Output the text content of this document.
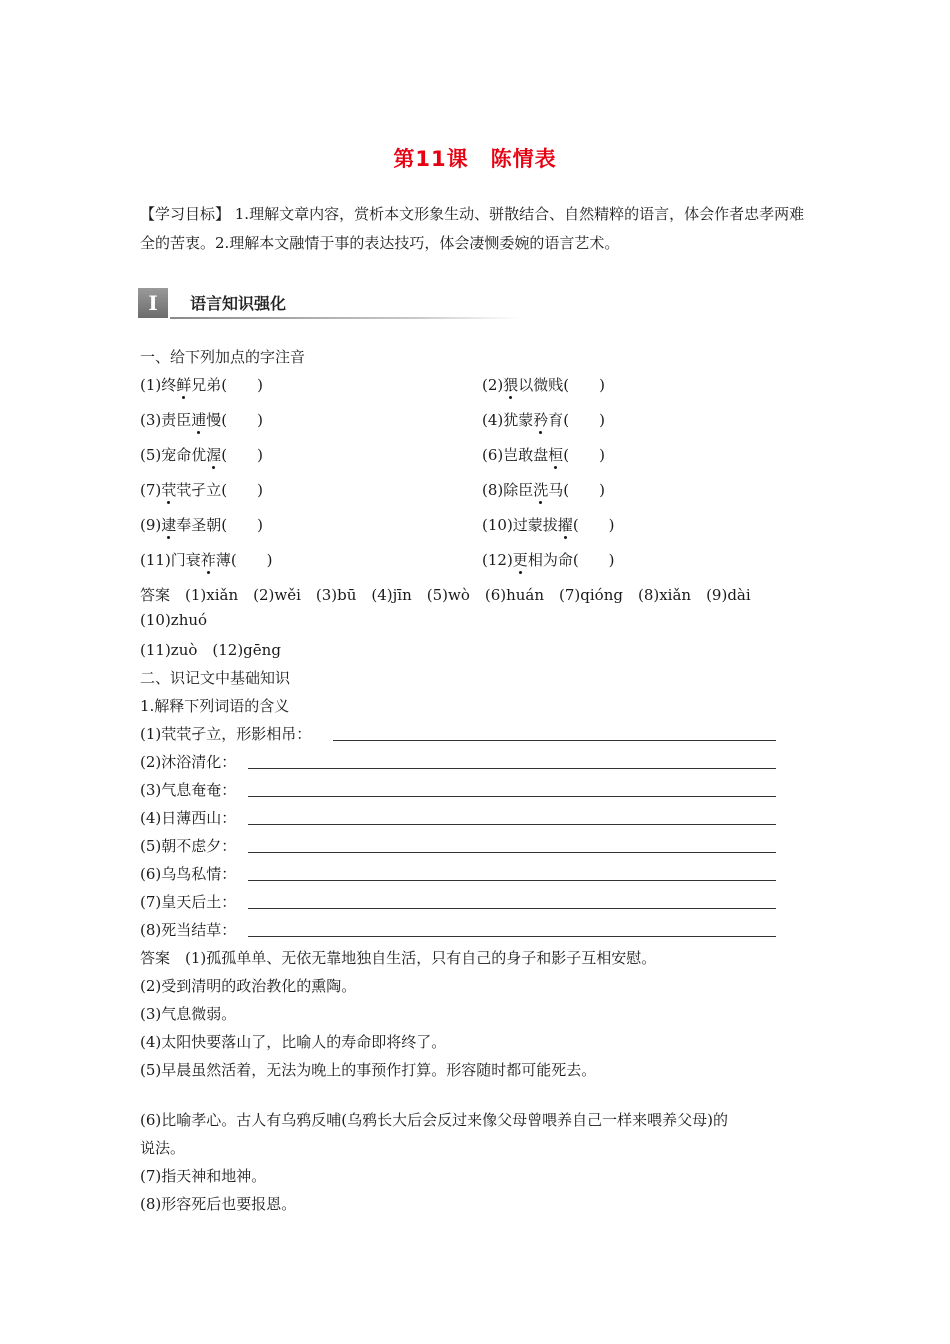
第11课　陈情表
【学习目标】 1.理解文章内容，赏析本文形象生动、骈散结合、自然精粹的语言，体会作者忠孝两难全的苦衷。2.理解本文融情于事的表达技巧，体会凄恻委婉的语言艺术。
I	语言知识强化
一、给下列加点的字注音
(1)终鲜兄弟(　　)	(2)猥以微贱(　　)
(3)责臣逋慢(　　)	(4)犹蒙矜育(　　)
(5)宠命优渥(　　)	(6)岂敢盘桓(　　)
(7)茕茕孑立(　　)	(8)除臣洗马(　　)
(9)逮奉圣朝(　　)	(10)过蒙拔擢(　　)
(11)门衰祚薄(　　)	(12)更相为命(　　)
答案　(1)xiǎn　(2)wěi　(3)bū　(4)jīn　(5)wò　(6)huán　(7)qióng　(8)xiǎn　(9)dài
(10)zhuó
(11)zuò　(12)gēng
二、识记文中基础知识
1.解释下列词语的含义
(1)茕茕孑立，形影相吊：
(2)沐浴清化：
(3)气息奄奄：
(4)日薄西山：
(5)朝不虑夕：
(6)乌鸟私情：
(7)皇天后土：
(8)死当结草：
答案　(1)孤孤单单、无依无靠地独自生活，只有自己的身子和影子互相安慰。
(2)受到清明的政治教化的熏陶。
(3)气息微弱。
(4)太阳快要落山了，比喻人的寿命即将终了。
(5)早晨虽然活着，无法为晚上的事预作打算。形容随时都可能死去。
(6)比喻孝心。古人有乌鸦反哺(乌鸦长大后会反过来像父母曾喂养自己一样来喂养父母)的
说法。
(7)指天神和地神。
(8)形容死后也要报恩。
